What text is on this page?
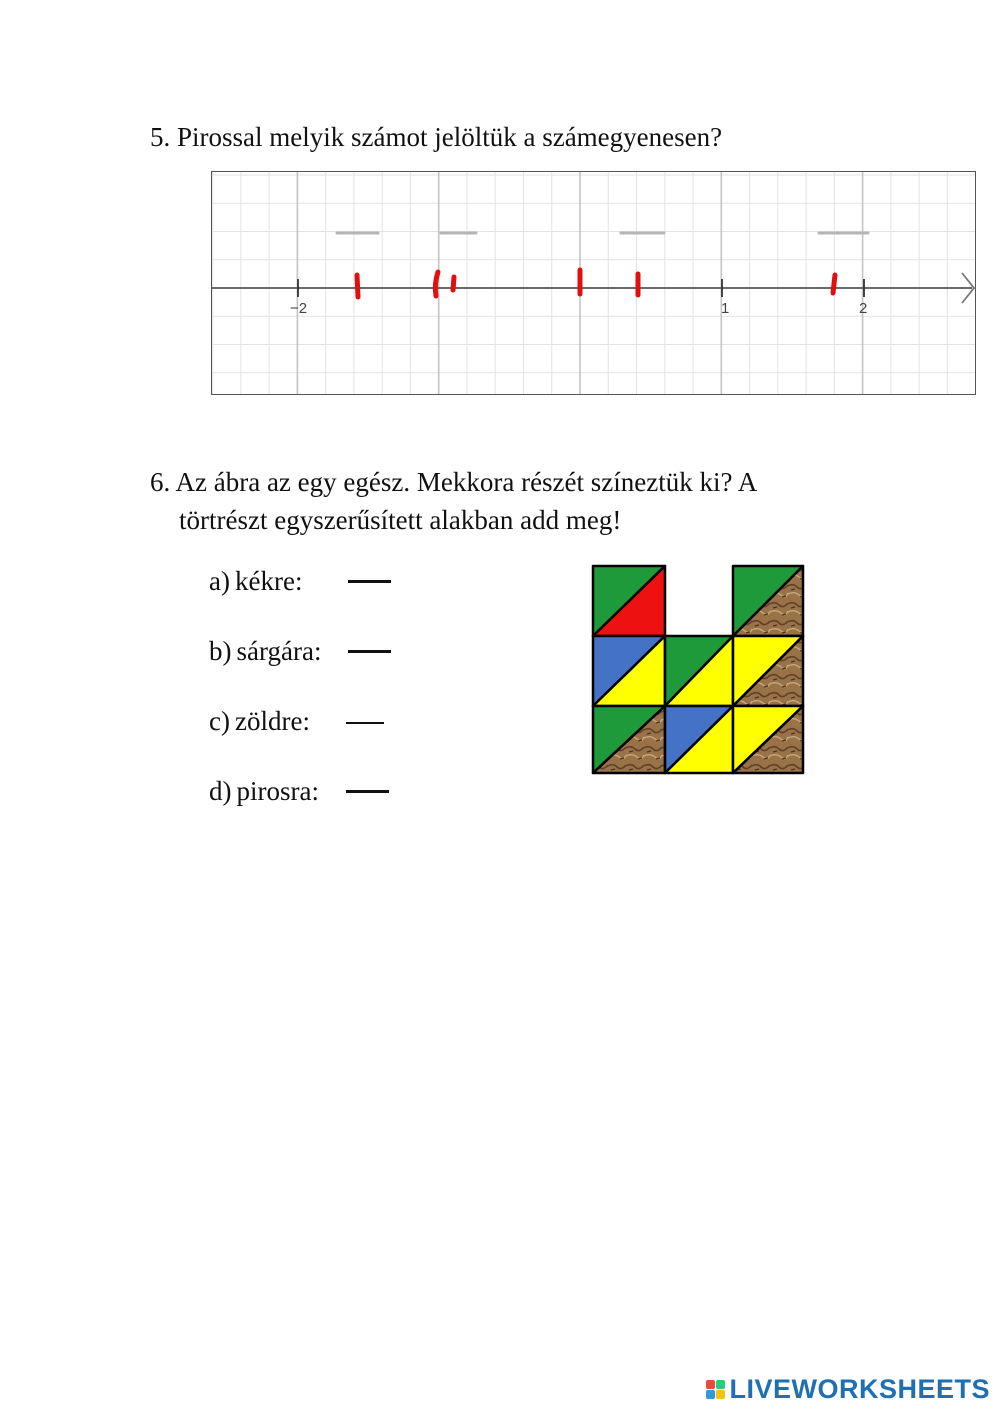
5. Pirossal melyik számot jelöltük a számegyenesen?

−2	1	2

6. Az ábra az egy egész. Mekkora részét színeztük ki? A

törtrészt egyszerűsített alakban add meg!

a) kékre:
b) sárgára:
c) zöldre:
d) pirosra:
LIVEWORKSHEETS
